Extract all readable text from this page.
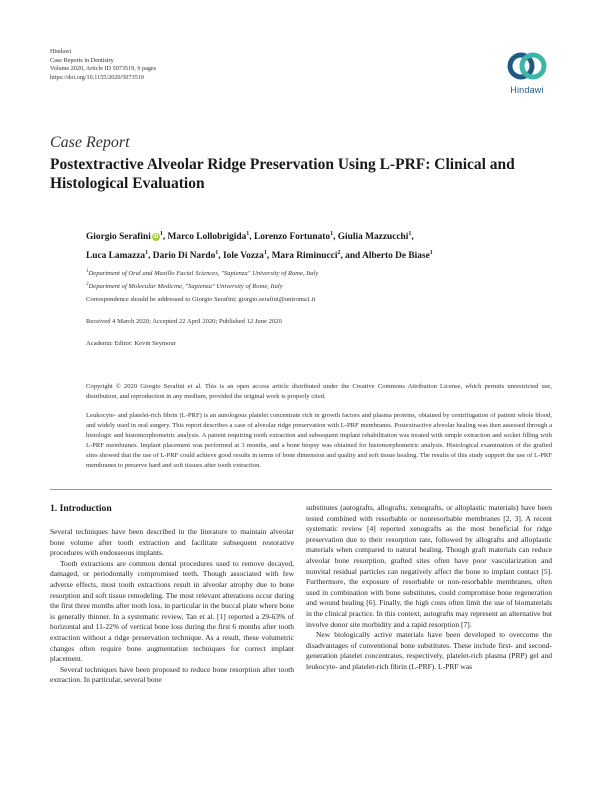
Hindawi
Case Reports in Dentistry
Volume 2020, Article ID 5073519, 6 pages
https://doi.org/10.1155/2020/5073519
Hindawi
Case Report
Postextractive Alveolar Ridge Preservation Using L-PRF: Clinical and Histological Evaluation
Giorgio Serafini $iD^1$, Marco Lollobrigida$^1$, Lorenzo Fortunato$^1$, Giulia Mazzucchi$^1$,
Luca Lamazza$^1$, Dario Di Nardo$^1$, Iole Vozza$^1$, Mara Riminucci$^2$, and Alberto De Biase$^1$
$^1$Department of Oral and Maxillo Facial Sciences, "Sapienza" University of Rome, Italy
$^2$Department of Molecular Medicine, "Sapienza" University of Rome, Italy
Correspondence should be addressed to Giorgio Serafini; giorgio.serafini@uniroma1.it
Received 4 March 2020; Accepted 22 April 2020; Published 12 June 2020
Academic Editor: Kevin Seymour
Copyright © 2020 Giorgio Serafini et al. This is an open access article distributed under the Creative Commons Attribution License, which permits unrestricted use, distribution, and reproduction in any medium, provided the original work is properly cited.
Leukocyte- and platelet-rich fibrin (L-PRF) is an autologous platelet concentrate rich in growth factors and plasma proteins, obtained by centrifugation of patient whole blood, and widely used in oral surgery. This report describes a case of alveolar ridge preservation with L-PRF membranes. Postextractive alveolar healing was then assessed through a histologic and histomorphometric analysis. A patient requiring tooth extraction and subsequent implant rehabilitation was treated with simple extraction and socket filling with L-PRF membranes. Implant placement was performed at 3 months, and a bone biopsy was obtained for histomorphometric analysis. Histological examination of the grafted sites showed that the use of L-PRF could achieve good results in terms of bone dimension and quality and soft tissue healing. The results of this study support the use of L-PRF membranes to preserve hard and soft tissues after tooth extraction.
1. Introduction

Several techniques have been described in the literature to maintain alveolar bone volume after tooth extraction and facilitate subsequent restorative procedures with endosseous implants.

Tooth extractions are common dental procedures used to remove decayed, damaged, or periodontally compromised teeth. Though associated with few adverse effects, most tooth extractions result in alveolar atrophy due to bone resorption and soft tissue remodeling. The most relevant alterations occur during the first three months after tooth loss, in particular in the buccal plate where bone is generally thinner. In a systematic review, Tan et al. [1] reported a 29-63% of horizontal and 11-22% of vertical bone loss during the first 6 months after tooth extraction without a ridge preservation technique. As a result, these volumetric changes often require bone augmentation techniques for correct implant placement.

Several techniques have been proposed to reduce bone resorption after tooth extraction. In particular, several bone

substitutes (autografts, allografts, xenografts, or alloplastic materials) have been tested combined with resorbable or nonresorbable membranes [2, 3]. A recent systematic review [4] reported xenografts as the most beneficial for ridge preservation due to their resorption rate, followed by allografts and alloplastic materials when compared to natural healing. Though graft materials can reduce alveolar bone resorption, grafted sites often have poor vascularization and nonvital residual particles can negatively affect the bone to implant contact [5]. Furthermore, the exposure of resorbable or non-resorbable membranes, often used in combination with bone substitutes, could compromise bone regeneration and wound healing [6]. Finally, the high costs often limit the use of biomaterials in the clinical practice. In this context, autografts may represent an alternative but involve donor site morbidity and a rapid resorption [7].

New biologically active materials have been developed to overcome the disadvantages of conventional bone substitutes. These include first- and second-generation platelet concentrates, respectively, platelet-rich plasma (PRP) gel and leukocyte- and platelet-rich fibrin (L-PRF). L-PRF was
